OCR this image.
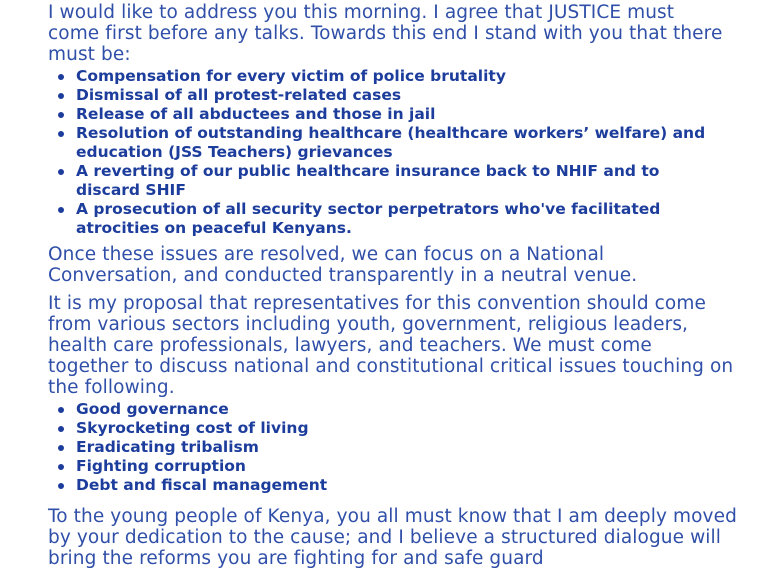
I would like to address you this morning. I agree that JUSTICE must come first before any talks. Towards this end I stand with you that there must be:

Compensation for every victim of police brutality
Dismissal of all protest-related cases
Release of all abductees and those in jail
Resolution of outstanding healthcare (healthcare workers’ welfare) and education (JSS Teachers) grievances
A reverting of our public healthcare insurance back to NHIF and to discard SHIF
A prosecution of all security sector perpetrators who've facilitated atrocities on peaceful Kenyans.

Once these issues are resolved, we can focus on a National Conversation, and conducted transparently in a neutral venue.

It is my proposal that representatives for this convention should come from various sectors including youth, government, religious leaders, health care professionals, lawyers, and teachers. We must come together to discuss national and constitutional critical issues touching on the following.

Good governance
Skyrocketing cost of living
Eradicating tribalism
Fighting corruption
Debt and fiscal management

To the young people of Kenya, you all must know that I am deeply moved by your dedication to the cause; and I believe a structured dialogue will bring the reforms you are fighting for and safe guard
